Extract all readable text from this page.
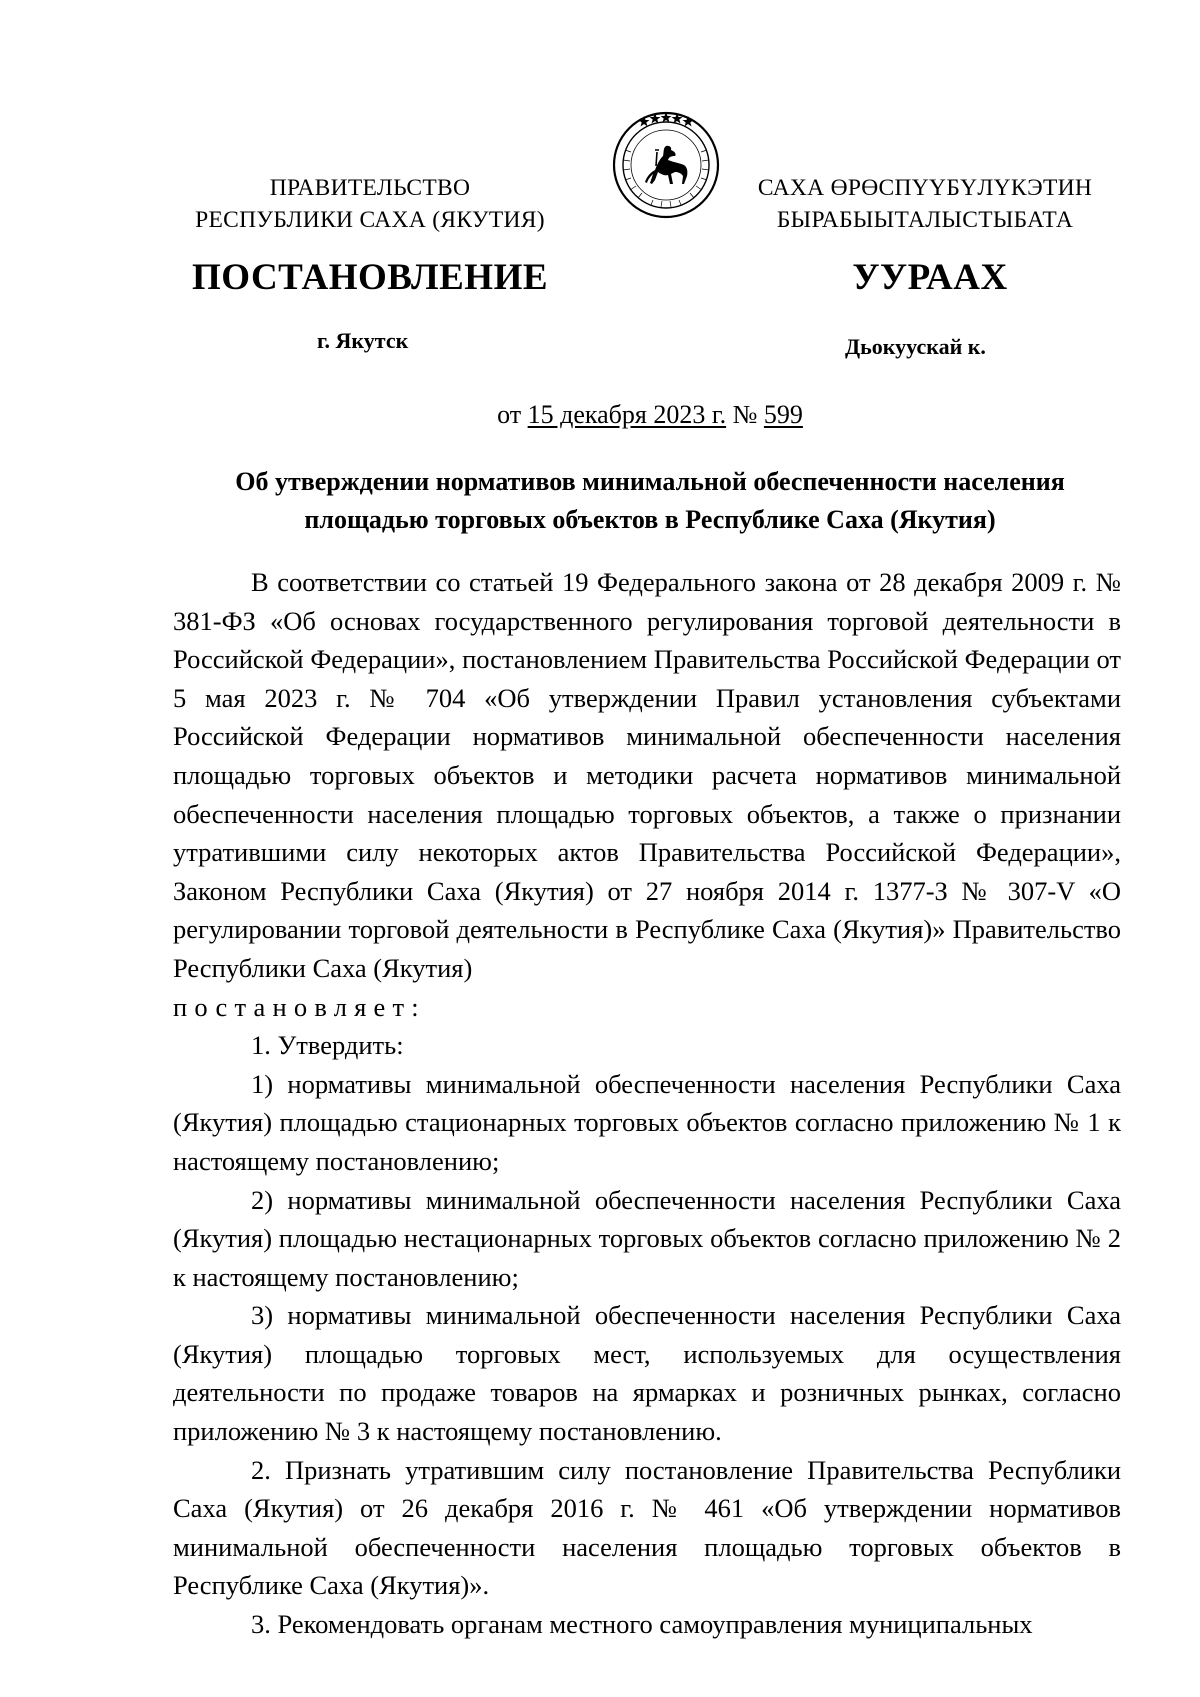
ПРАВИТЕЛЬСТВО
РЕСПУБЛИКИ САХА (ЯКУТИЯ)
САХА ӨРӨСПҮҮБҮЛҮКЭТИН
БЫРАБЫЫТАЛЫСТЫБАТА
ПОСТАНОВЛЕНИЕ	УУРААХ
г. Якутск	Дьокуускай к.
от 15 декабря 2023 г. № 599
Об утверждении нормативов минимальной обеспеченности населения
площадью торговых объектов в Республике Саха (Якутия)

В соответствии со статьей 19 Федерального закона от 28 декабря 2009 г. № 381-ФЗ «Об основах государственного регулирования торговой деятельности в Российской Федерации», постановлением Правительства Российской Федерации от 5 мая 2023 г. № 704 «Об утверждении Правил установления субъектами Российской Федерации нормативов минимальной обеспеченности населения площадью торговых объектов и методики расчета нормативов минимальной обеспеченности населения площадью торговых объектов, а также о признании утратившими силу некоторых актов Правительства Российской Федерации», Законом Республики Саха (Якутия) от 27 ноября 2014 г. 1377-З № 307-V «О регулировании торговой деятельности в Республике Саха (Якутия)» Правительство Республики Саха (Якутия)

постановляет:

1. Утвердить:

1) нормативы минимальной обеспеченности населения Республики Саха (Якутия) площадью стационарных торговых объектов согласно приложению № 1 к настоящему постановлению;

2) нормативы минимальной обеспеченности населения Республики Саха (Якутия) площадью нестационарных торговых объектов согласно приложению № 2 к настоящему постановлению;

3) нормативы минимальной обеспеченности населения Республики Саха (Якутия) площадью торговых мест, используемых для осуществления деятельности по продаже товаров на ярмарках и розничных рынках, согласно приложению № 3 к настоящему постановлению.

2. Признать утратившим силу постановление Правительства Республики Саха (Якутия) от 26 декабря 2016 г. № 461 «Об утверждении нормативов минимальной обеспеченности населения площадью торговых объектов в Республике Саха (Якутия)».

3. Рекомендовать органам местного самоуправления муниципальных
